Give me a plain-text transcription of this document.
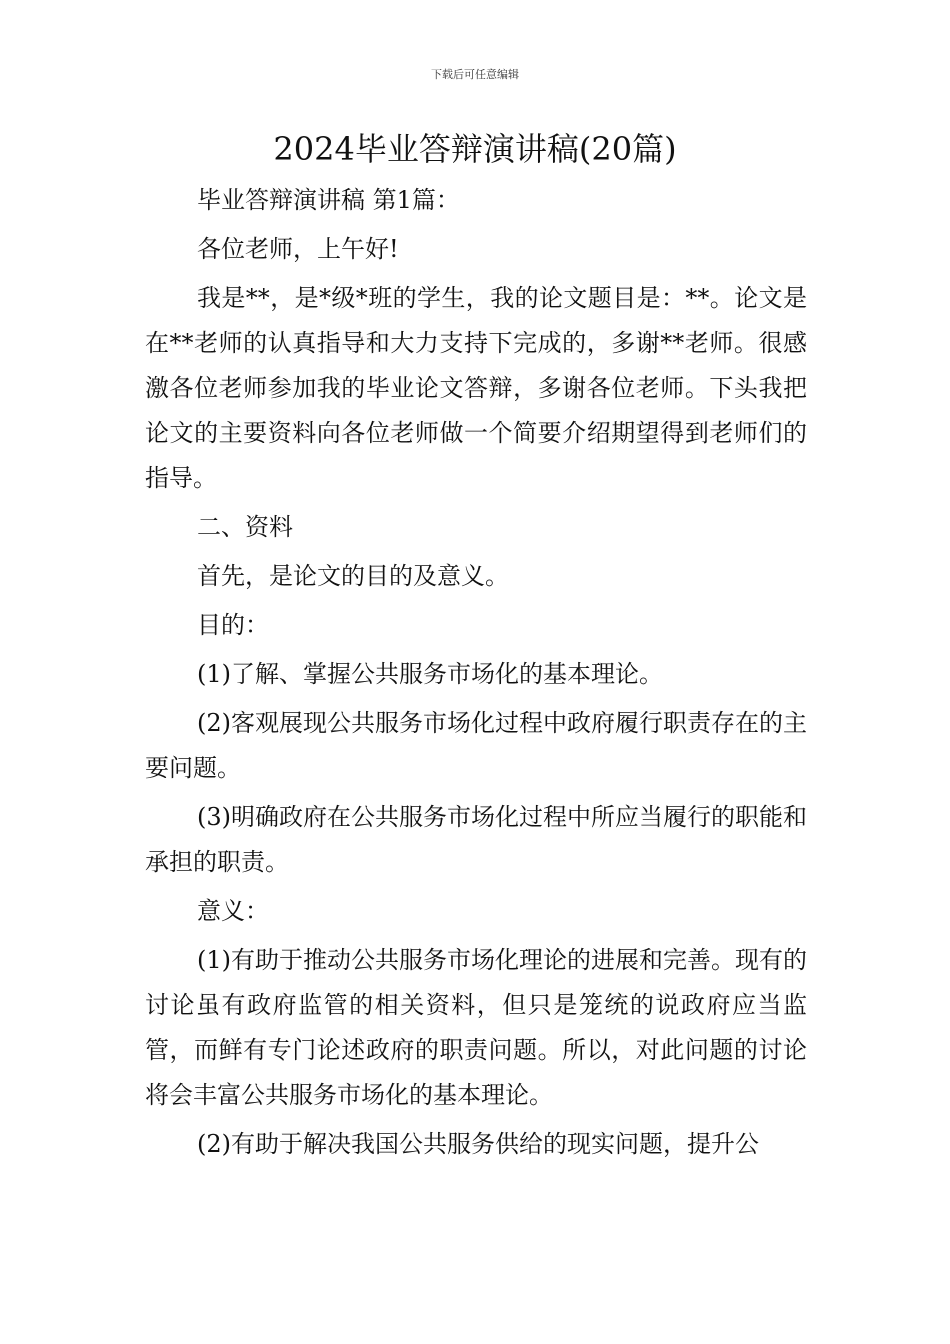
下载后可任意编辑
2024毕业答辩演讲稿(20篇)

毕业答辩演讲稿 第1篇：

各位老师，上午好!

我是**，是*级*班的学生，我的论文题目是：**。论文是在**老师的认真指导和大力支持下完成的，多谢**老师。很感激各位老师参加我的毕业论文答辩，多谢各位老师。下头我把论文的主要资料向各位老师做一个简要介绍期望得到老师们的指导。

二、资料

首先，是论文的目的及意义。

目的：

(1)了解、掌握公共服务市场化的基本理论。

(2)客观展现公共服务市场化过程中政府履行职责存在的主要问题。

(3)明确政府在公共服务市场化过程中所应当履行的职能和承担的职责。

意义：

(1)有助于推动公共服务市场化理论的进展和完善。现有的讨论虽有政府监管的相关资料，但只是笼统的说政府应当监管，而鲜有专门论述政府的职责问题。所以，对此问题的讨论将会丰富公共服务市场化的基本理论。

(2)有助于解决我国公共服务供给的现实问题，提升公
